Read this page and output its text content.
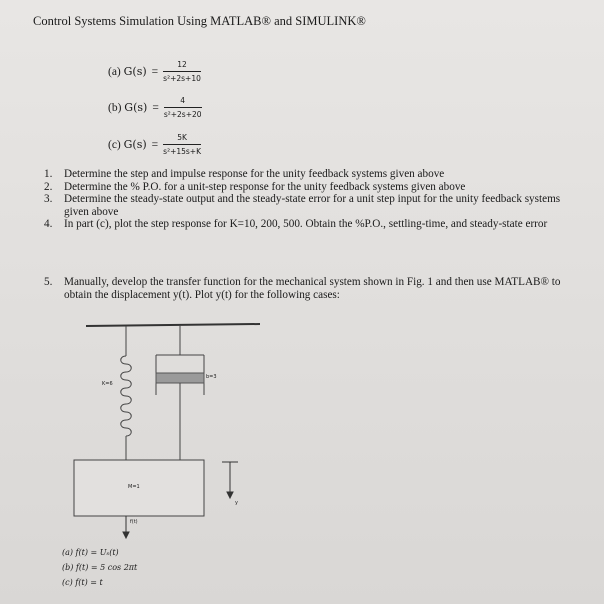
Control Systems Simulation Using MATLAB® and SIMULINK®
(a)
$G(s) = \frac{12}{\text{s²+2s+10}}$
(b)
$G(s) = \frac{4}{\text{s²+2s+20}}$
(c)
$G(s) = \frac{5K}{\text{s²+15s+K}}$
1.	Determine the step and impulse response for the unity feedback systems given above
2.	Determine the % P.O. for a unit-step response for the unity feedback systems given above
3.	Determine the steady-state output and the steady-state error for a unit step input for the unity feedback systems given above
4.	In part (c), plot the step response for K=10, 200, 500. Obtain the %P.O., settling-time, and steady-state error
5.	Manually, develop the transfer function for the mechanical system shown in Fig. 1 and then use MATLAB® to obtain the displacement y(t). Plot y(t) for the following cases:
K=6
b=3
M=1
f(t)
y
(a) f(t) = Uₛ(t)
(b) f(t) = 5 cos 2πt
(c) f(t) = t
